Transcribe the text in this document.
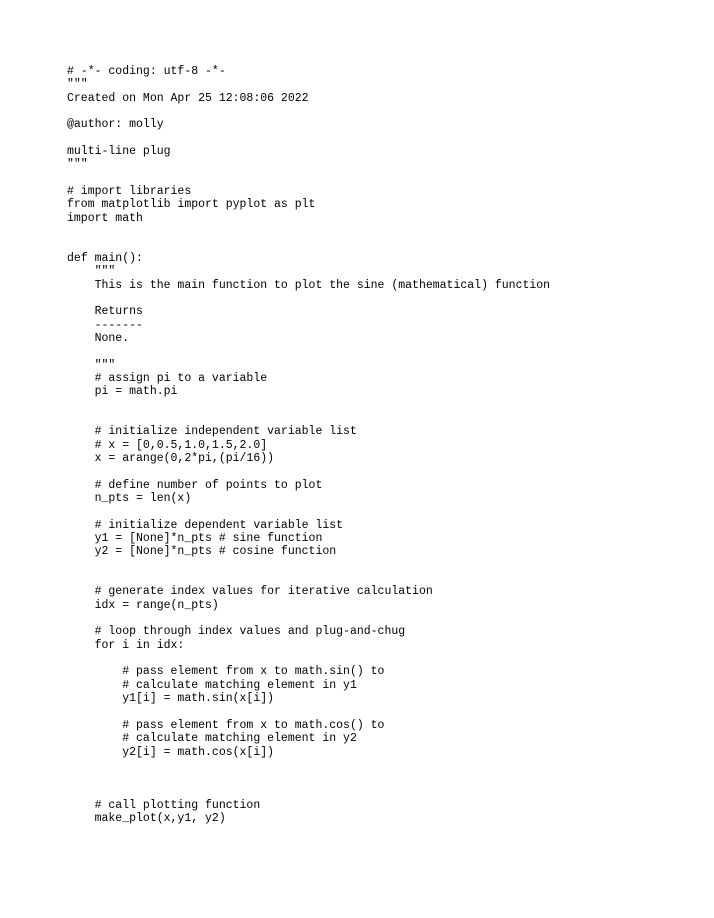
# -*- coding: utf-8 -*-
"""
Created on Mon Apr 25 12:08:06 2022
@author: molly
multi-line plug
"""
# import libraries
from matplotlib import pyplot as plt
import math
def main():
"""
This is the main function to plot the sine (mathematical) function
Returns
-------
None.
"""
# assign pi to a variable
pi = math.pi
# initialize independent variable list
# x = [0,0.5,1.0,1.5,2.0]
x = arange(0,2*pi,(pi/16))
# define number of points to plot
n_pts = len(x)
# initialize dependent variable list
y1 = [None]*n_pts # sine function
y2 = [None]*n_pts # cosine function
# generate index values for iterative calculation
idx = range(n_pts)
# loop through index values and plug-and-chug
for i in idx:
# pass element from x to math.sin() to
# calculate matching element in y1
y1[i] = math.sin(x[i])
# pass element from x to math.cos() to
# calculate matching element in y2
y2[i] = math.cos(x[i])
# call plotting function
make_plot(x,y1, y2)
